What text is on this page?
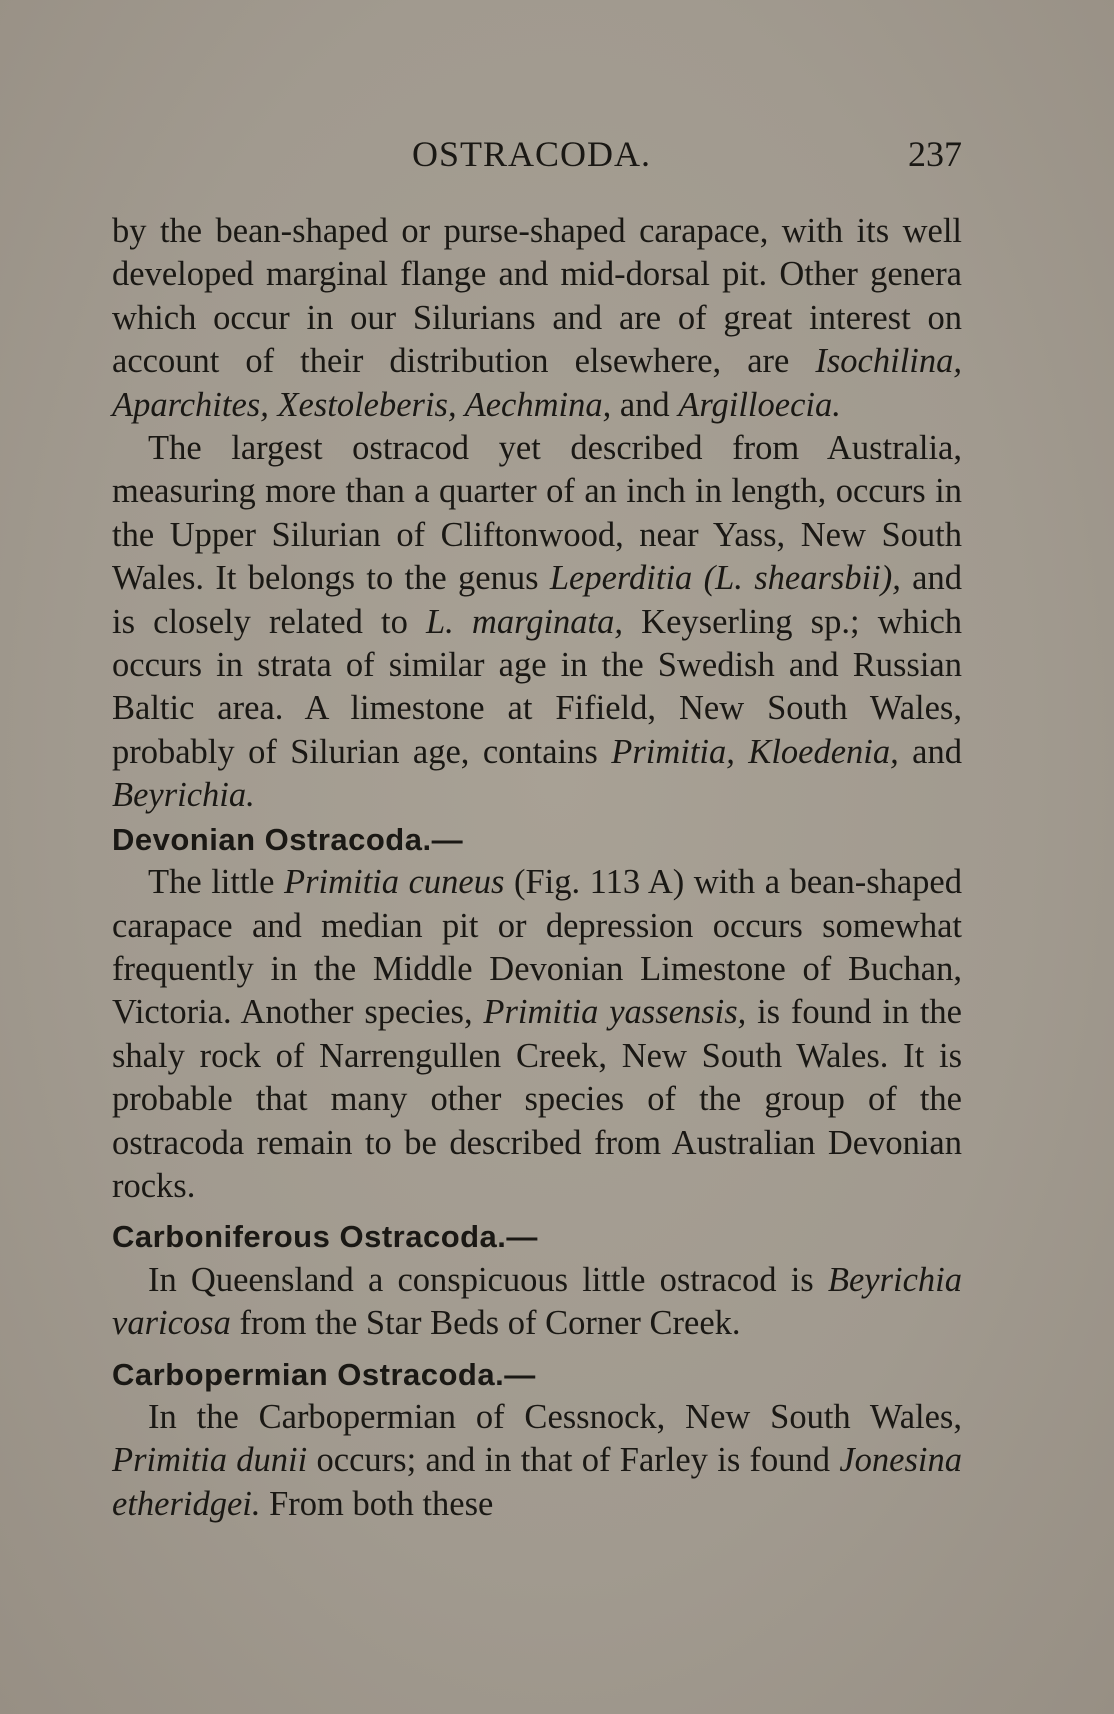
OSTRACODA.	237

by the bean-shaped or purse-shaped carapace, with its well developed marginal flange and mid-dorsal pit. Other genera which occur in our Silurians and are of great interest on account of their distribution elsewhere, are Isochilina, Aparchites, Xestoleberis, Aechmina, and Argilloecia.

The largest ostracod yet described from Australia, measuring more than a quarter of an inch in length, occurs in the Upper Silurian of Cliftonwood, near Yass, New South Wales. It belongs to the genus Leperditia (L. shearsbii), and is closely related to L. marginata, Keyserling sp.; which occurs in strata of similar age in the Swedish and Russian Baltic area. A limestone at Fifield, New South Wales, probably of Silurian age, contains Primitia, Kloedenia, and Beyrichia.

Devonian Ostracoda.—

The little Primitia cuneus (Fig. 113 A) with a bean-shaped carapace and median pit or depression occurs somewhat frequently in the Middle Devonian Limestone of Buchan, Victoria. Another species, Primitia yassensis, is found in the shaly rock of Narrengullen Creek, New South Wales. It is probable that many other species of the group of the ostracoda remain to be described from Australian Devonian rocks.

Carboniferous Ostracoda.—

In Queensland a conspicuous little ostracod is Beyrichia varicosa from the Star Beds of Corner Creek.

Carbopermian Ostracoda.—

In the Carbopermian of Cessnock, New South Wales, Primitia dunii occurs; and in that of Farley is found Jonesina etheridgei. From both these
